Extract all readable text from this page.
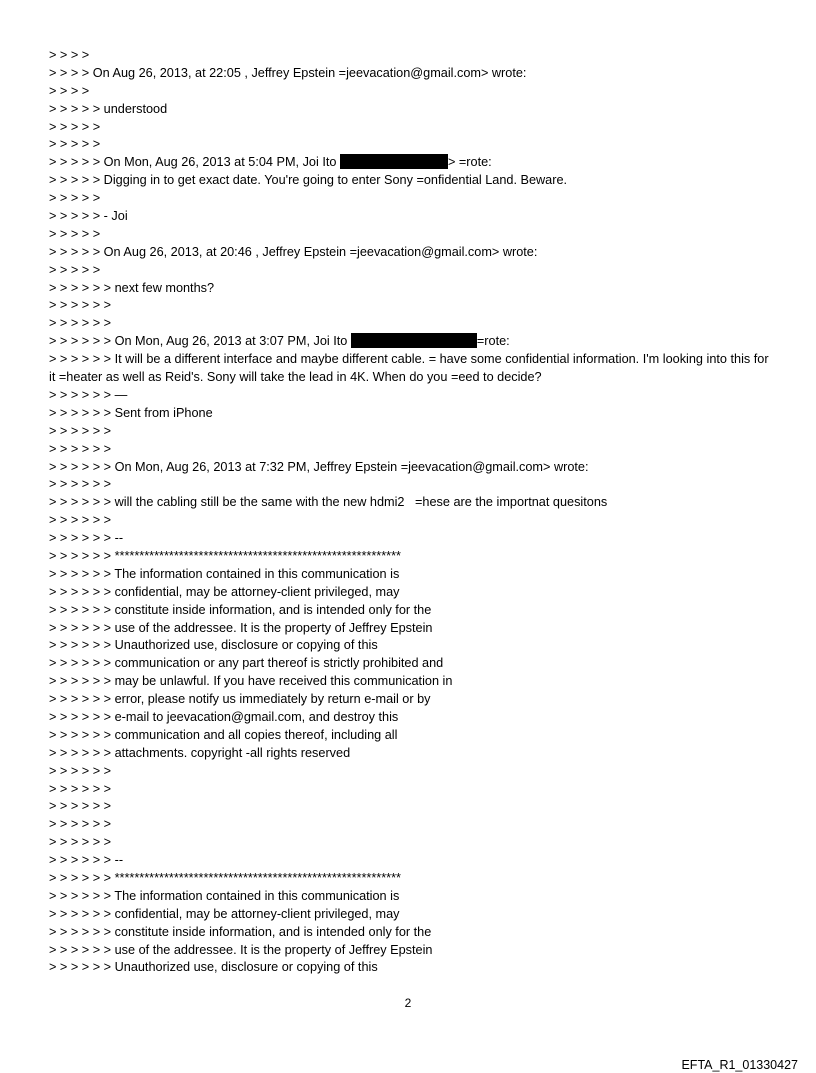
> > > >
> > > > On Aug 26, 2013, at 22:05 , Jeffrey Epstein =jeevacation@gmail.com> wrote:
> > > >
> > > > > understood
> > > > >
> > > > >
> > > > > On Mon, Aug 26, 2013 at 5:04 PM, Joi Ito	> =rote:
> > > > > Digging in to get exact date. You're going to enter Sony =onfidential Land. Beware.
> > > > >
> > > > > - Joi
> > > > >
> > > > > On Aug 26, 2013, at 20:46 , Jeffrey Epstein =jeevacation@gmail.com> wrote:
> > > > >
> > > > > > next few months?
> > > > > >
> > > > > >
> > > > > > On Mon, Aug 26, 2013 at 3:07 PM, Joi Ito	=rote:
> > > > > > It will be a different interface and maybe different cable. = have some confidential information. I'm looking into this for it =heater as well as Reid's. Sony will take the lead in 4K. When do you =eed to decide?
> > > > > > —
> > > > > > Sent from iPhone
> > > > > >
> > > > > >
> > > > > > On Mon, Aug 26, 2013 at 7:32 PM, Jeffrey Epstein =jeevacation@gmail.com> wrote:
> > > > > >
> > > > > > will the cabling still be the same with the new hdmi2   =hese are the importnat quesitons
> > > > > >
> > > > > > --
> > > > > > **********************************************************
> > > > > > The information contained in this communication is
> > > > > > confidential, may be attorney-client privileged, may
> > > > > > constitute inside information, and is intended only for the
> > > > > > use of the addressee. It is the property of Jeffrey Epstein
> > > > > > Unauthorized use, disclosure or copying of this
> > > > > > communication or any part thereof is strictly prohibited and
> > > > > > may be unlawful. If you have received this communication in
> > > > > > error, please notify us immediately by return e-mail or by
> > > > > > e-mail to jeevacation@gmail.com, and destroy this
> > > > > > communication and all copies thereof, including all
> > > > > > attachments. copyright -all rights reserved
> > > > > >
> > > > > >
> > > > > >
> > > > > >
> > > > > >
> > > > > > --
> > > > > > **********************************************************
> > > > > > The information contained in this communication is
> > > > > > confidential, may be attorney-client privileged, may
> > > > > > constitute inside information, and is intended only for the
> > > > > > use of the addressee. It is the property of Jeffrey Epstein
> > > > > > Unauthorized use, disclosure or copying of this
2
EFTA_R1_01330427
